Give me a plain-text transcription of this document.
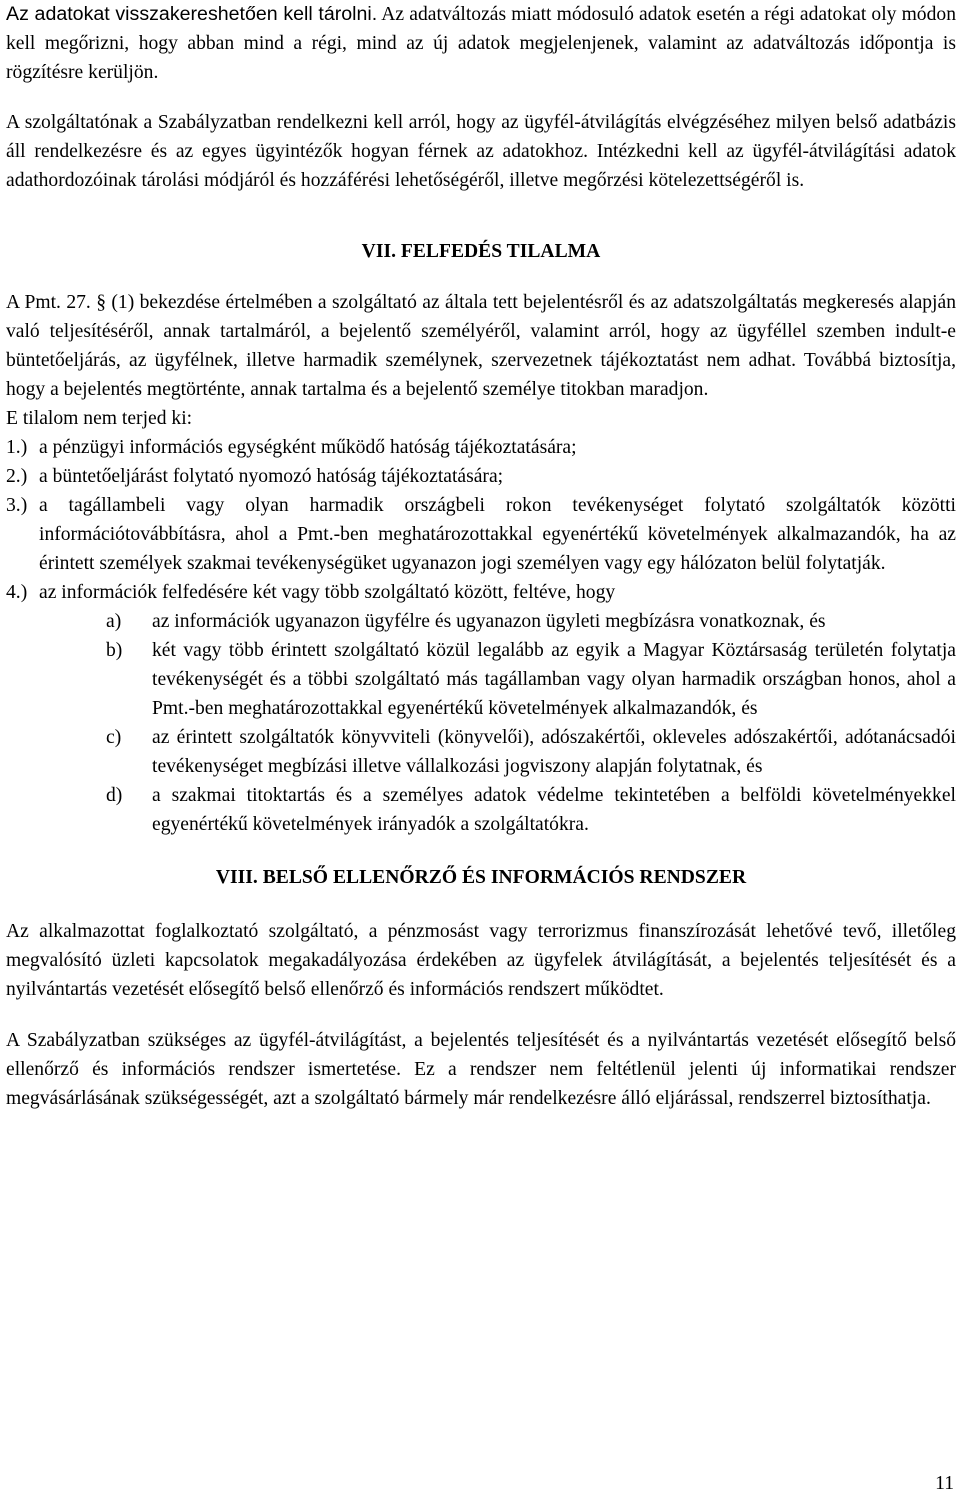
Az adatokat visszakereshetően kell tárolni. Az adatváltozás miatt módosuló adatok esetén a régi adatokat oly módon kell megőrizni, hogy abban mind a régi, mind az új adatok megjelenjenek, valamint az adatváltozás időpontja is rögzítésre kerüljön.

A szolgáltatónak a Szabályzatban rendelkezni kell arról, hogy az ügyfél-átvilágítás elvégzéséhez milyen belső adatbázis áll rendelkezésre és az egyes ügyintézők hogyan férnek az adatokhoz. Intézkedni kell az ügyfél-átvilágítási adatok adathordozóinak tárolási módjáról és hozzáférési lehetőségéről, illetve megőrzési kötelezettségéről is.

VII. FELFEDÉS TILALMA

A Pmt. 27. § (1) bekezdése értelmében a szolgáltató az általa tett bejelentésről és az adatszolgáltatás megkeresés alapján való teljesítéséről, annak tartalmáról, a bejelentő személyéről, valamint arról, hogy az ügyféllel szemben indult-e büntetőeljárás, az ügyfélnek, illetve harmadik személynek, szervezetnek tájékoztatást nem adhat. Továbbá biztosítja, hogy a bejelentés megtörténte, annak tartalma és a bejelentő személye titokban maradjon.

E tilalom nem terjed ki:

1.) a pénzügyi információs egységként működő hatóság tájékoztatására;
2.) a büntetőeljárást folytató nyomozó hatóság tájékoztatására;
3.) a tagállambeli vagy olyan harmadik országbeli rokon tevékenységet folytató szolgáltatók közötti információtovábbításra, ahol a Pmt.-ben meghatározottakkal egyenértékű követelmények alkalmazandók, ha az érintett személyek szakmai tevékenységüket ugyanazon jogi személyen vagy egy hálózaton belül folytatják.
4.) az információk felfedésére két vagy több szolgáltató között, feltéve, hogy
a)	az információk ugyanazon ügyfélre és ugyanazon ügyleti megbízásra vonatkoznak, és
b)	két vagy több érintett szolgáltató közül legalább az egyik a Magyar Köztársaság területén folytatja tevékenységét és a többi szolgáltató más tagállamban vagy olyan harmadik országban honos, ahol a Pmt.-ben meghatározottakkal egyenértékű követelmények alkalmazandók, és
c)	az érintett szolgáltatók könyvviteli (könyvelői), adószakértői, okleveles adószakértői, adótanácsadói tevékenységet megbízási illetve vállalkozási jogviszony alapján folytatnak, és
d)	a szakmai titoktartás és a személyes adatok védelme tekintetében a belföldi követelményekkel egyenértékű követelmények irányadók a szolgáltatókra.
VIII. BELSŐ ELLENŐRZŐ ÉS INFORMÁCIÓS RENDSZER

Az alkalmazottat foglalkoztató szolgáltató, a pénzmosást vagy terrorizmus finanszírozását lehetővé tevő, illetőleg megvalósító üzleti kapcsolatok megakadályozása érdekében az ügyfelek átvilágítását, a bejelentés teljesítését és a nyilvántartás vezetését elősegítő belső ellenőrző és információs rendszert működtet.

A Szabályzatban szükséges az ügyfél-átvilágítást, a bejelentés teljesítését és a nyilvántartás vezetését elősegítő belső ellenőrző és információs rendszer ismertetése. Ez a rendszer nem feltétlenül jelenti új informatikai rendszer megvásárlásának szükségességét, azt a szolgáltató bármely már rendelkezésre álló eljárással, rendszerrel biztosíthatja.

11
